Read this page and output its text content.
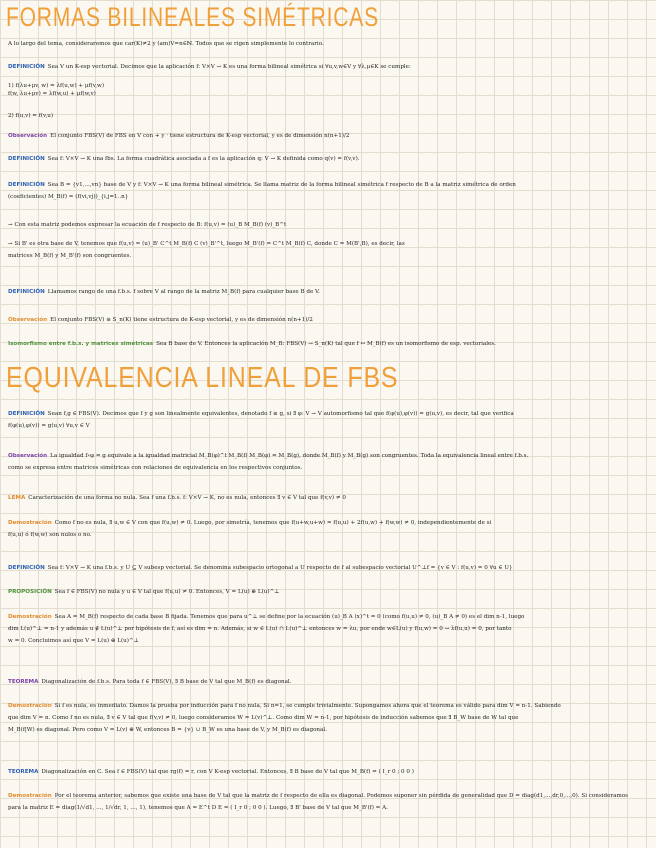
FORMAS BILINEALES SIMÉTRICAS
EQUIVALENCIA LINEAL DE FBS
A lo largo del tema, consideraremos que car(K)≠2 y (am)V=n∈ℕ. Todos que se rigen simplemente lo contrario.
DEFINICIÓN Sea V un K-esp vectorial. Decimos que la aplicación f: V×V → K es una forma bilineal simétrica si ∀u,v,w∈V y ∀λ,μ∈K se cumple:
1) f(λu+μv, w) = λf(u,w) + μf(v,w)
f(w, λu+μv) = λf(w,u) + μf(w,v)
2) f(u,v) = f(v,u)
Observación El conjunto FBS(V) de FBS en V con + y · tiene estructura de K-esp vectorial, y es de dimensión n(n+1)/2
DEFINICIÓN Sea f: V×V → K una fbs. La forma cuadrática asociada a f es la aplicación q: V → K definida como q(v) = f(v,v).
DEFINICIÓN Sea B = {v1,...,vn} base de V y f: V×V → K una forma bilineal simétrica. Se llama matriz de la forma bilineal simétrica f respecto de B a la matriz simétrica de orden
(coeficientes) M_B(f) = (f(vi,vj))_{i,j=1..n}
→ Con esta matriz podemos expresar la ecuación de f respecto de B: f(u,v) = (u)_B M_B(f) (v)_B^t
→ Si B' es otra base de V, tenemos que f(u,v) = (u)_B' C^t M_B(f) C (v)_B'^t, luego M_B'(f) = C^t M_B(f) C, donde C = M(B',B), es decir, las
matrices M_B(f) y M_B'(f) son congruentes.
DEFINICIÓN Llamamos rango de una f.b.s. f sobre V al rango de la matriz M_B(f) para cualquier base B de V.
Observación El conjunto FBS(V) ≅ S_n(K) tiene estructura de K-esp vectorial, y es de dimensión n(n+1)/2
Isomorfismo entre f.b.s. y matrices simétricas Sea B base de V. Entonces la aplicación M_B: FBS(V) → S_n(K) tal que f ↦ M_B(f) es un isomorfismo de esp. vectoriales.
DEFINICIÓN Sean f,g ∈ FBS(V). Decimos que f y g son linealmente equivalentes, denotado f ≅ g, si ∃ φ: V → V automorfismo tal que f(φ(u),φ(v)) = g(u,v), es decir, tal que verifica
f(φ(u),φ(v)) = g(u,v) ∀u,v ∈ V
Observación La igualdad f∘φ = g equivale a la igualdad matricial M_B(φ)^t M_B(f) M_B(φ) = M_B(g), donde M_B(f) y M_B(g) son congruentes. Toda la equivalencia lineal entre f.b.s.
como se expresa entre matrices simétricas con relaciones de equivalencia en los respectivos conjuntos.
LEMA Caracterización de una forma no nula. Sea f una f.b.s. f: V×V → K, no es nula, entonces ∃ v ∈ V tal que f(v,v) ≠ 0
Demostración Como f no es nula, ∃ u,w ∈ V con que f(u,w) ≠ 0. Luego, por simetría, tenemos que f(u+w,u+w) = f(u,u) + 2f(u,w) + f(w,w) ≠ 0, independientemente de si
f(u,u) ó f(w,w) son nulos o no.
DEFINICIÓN Sea f: V×V → K una f.b.s. y U ⊆ V subesp vectorial. Se denomina subespacio ortogonal a U respecto de f al subespacio vectorial U^⊥f = {v ∈ V : f(u,v) = 0 ∀u ∈ U}
PROPOSICIÓN Sea f ∈ FBS(V) no nula y u ∈ V tal que f(u,u) ≠ 0. Entonces, V = L(u) ⊕ L(u)^⊥
Demostración Sea A = M_B(f) respecto de cada base B fijada. Tenemos que para u^⊥ se define por la ecuación (u)_B A (x)^t = 0 (como f(u,u) ≠ 0, (u)_B A ≠ 0) es el dim n-1, luego
dim L(u)^⊥ = n-1 y además u ∉ L(u)^⊥ por hipótesis de f, así es dim = n. Además, si w ∈ L(u) ∩ L(u)^⊥ entonces w = λu, por ende w∈L(u) y f(u,w) = 0 → λf(u,u) = 0, por tanto
w = 0. Concluimos así que V = L(u) ⊕ L(u)^⊥
TEOREMA Diagonalización de f.b.s. Para toda f ∈ FBS(V), ∃ B base de V tal que M_B(f) es diagonal.
Demostración Si f es nula, es inmediato. Damos la prueba por inducción para f no nula, Si n=1, se cumple trivialmente. Supongamos ahora que el teorema es válido para dim V = n-1. Sabiendo
que dim V = n. Como f no es nula, ∃ v ∈ V tal que f(v,v) ≠ 0, luego consideramos W = L(v)^⊥. Como dim W = n-1, por hipótesis de inducción sabemos que ∃ B_W base de W tal que
M_B(f|W) es diagonal. Pero como V = L(v) ⊕ W, entonces B = {v} ∪ B_W es una base de V, y M_B(f) es diagonal.
TEOREMA Diagonalización en C. Sea f ∈ FBS(V) tal que rg(f) = r, con V K-esp vectorial. Entonces, ∃ B base de V tal que M_B(f) = ( I_r 0 ; 0 0 )
Demostración Por el teorema anterior, sabemos que existe una base de V tal que la matriz de f respecto de ella es diagonal. Podemos suponer sin pérdida de generalidad que D = diag(d1,...,dr,0,...,0). Si consideramos
para la matriz E = diag(1/√d1, ..., 1/√dr, 1, ..., 1), tenemos que A = E^t D E = ( I_r 0 ; 0 0 ). Luego, ∃ B' base de V tal que M_B'(f) = A.
